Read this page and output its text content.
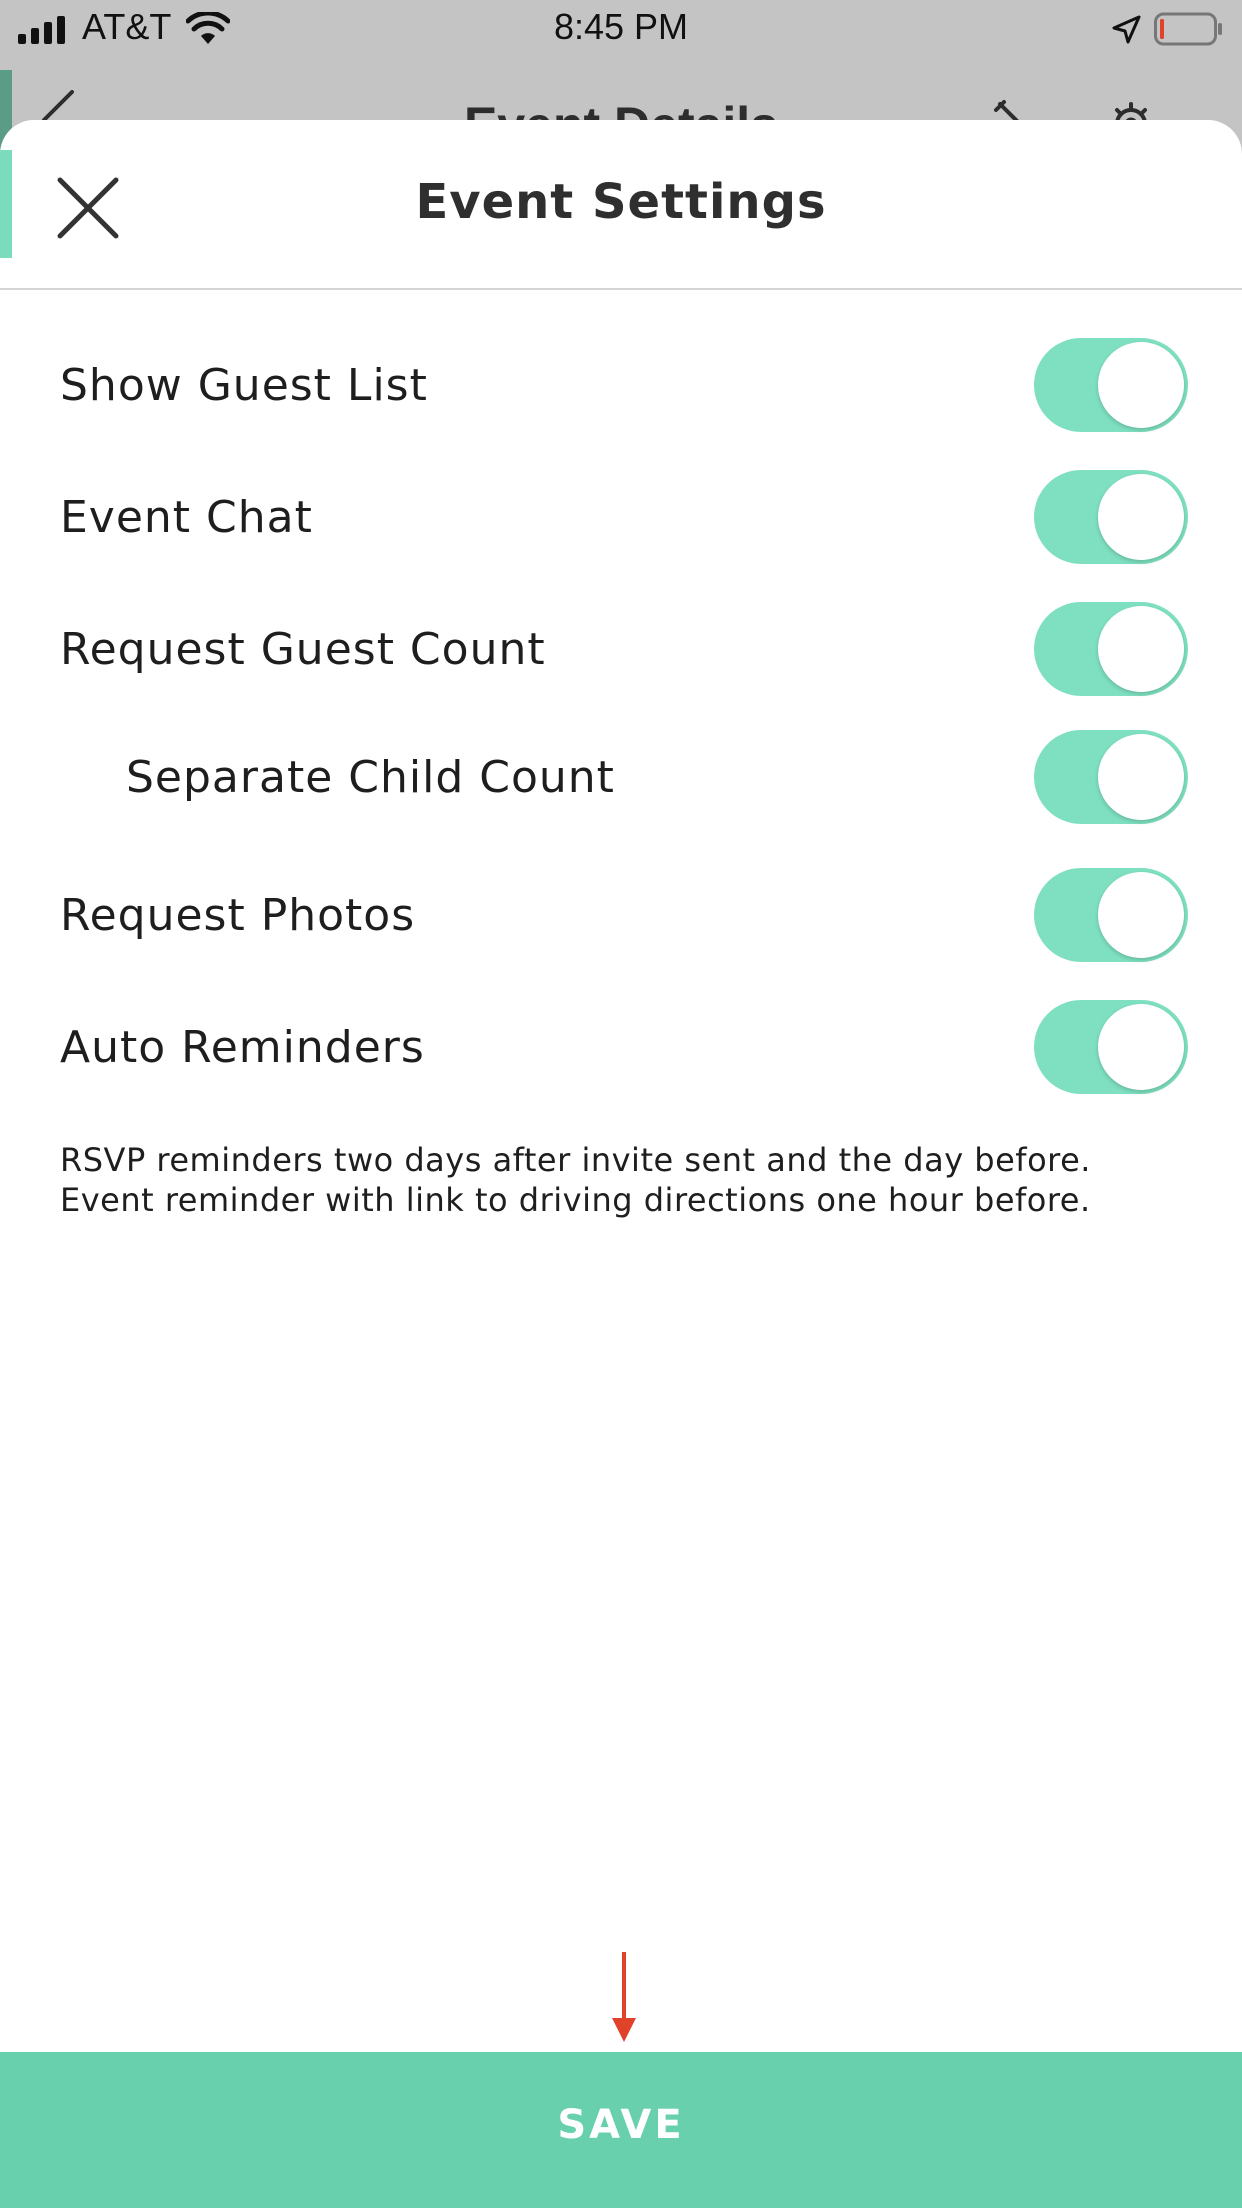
AT&T	8:45 PM
Event Settings
Show Guest List
Event Chat
Request Guest Count
Separate Child Count
Request Photos
Auto Reminders

RSVP reminders two days after invite sent and the day before.

Event reminder with link to driving directions one hour before.

SAVE
